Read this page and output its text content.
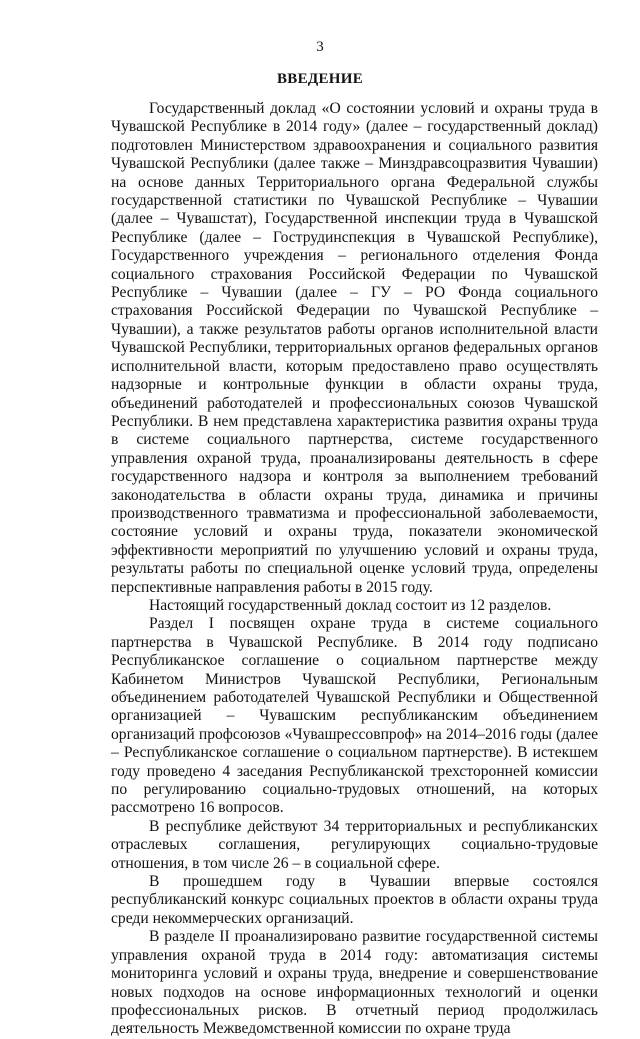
3
ВВЕДЕНИЕ

Государственный доклад «О состоянии условий и охраны труда в Чувашской Республике в 2014 году» (далее – государственный доклад) подготовлен Министерством здравоохранения и социального развития Чувашской Республики (далее также – Минздравсоцразвития Чувашии) на основе данных Территориального органа Федеральной службы государственной статистики по Чувашской Республике – Чувашии (далее – Чувашстат), Государственной инспекции труда в Чувашской Республике (далее – Гострудинспекция в Чувашской Республике), Государственного учреждения – регионального отделения Фонда социального страхования Российской Федерации по Чувашской Республике – Чувашии (далее – ГУ – РО Фонда социального страхования Российской Федерации по Чувашской Республике – Чувашии), а также результатов работы органов исполнительной власти Чувашской Республики, территориальных органов федеральных органов исполнительной власти, которым предоставлено право осуществлять надзорные и контрольные функции в области охраны труда, объединений работодателей и профессиональных союзов Чувашской Республики. В нем представлена характеристика развития охраны труда в системе социального партнерства, системе государственного управления охраной труда, проанализированы деятельность в сфере государственного надзора и контроля за выполнением требований законодательства в области охраны труда, динамика и причины производственного травматизма и профессиональной заболеваемости, состояние условий и охраны труда, показатели экономической эффективности мероприятий по улучшению условий и охраны труда, результаты работы по специальной оценке условий труда, определены перспективные направления работы в 2015 году.

Настоящий государственный доклад состоит из 12 разделов.

Раздел I посвящен охране труда в системе социального партнерства в Чувашской Республике. В 2014 году подписано Республиканское соглашение о социальном партнерстве между Кабинетом Министров Чувашской Республики, Региональным объединением работодателей Чувашской Республики и Общественной организацией – Чувашским республиканским объединением организаций профсоюзов «Чувашрессовпроф» на 2014–2016 годы (далее – Республиканское соглашение о социальном партнерстве). В истекшем году проведено 4 заседания Республиканской трехсторонней комиссии по регулированию социально-трудовых отношений, на которых рассмотрено 16 вопросов.

В республике действуют 34 территориальных и республиканских отраслевых соглашения, регулирующих социально-трудовые отношения, в том числе 26 – в социальной сфере.

В прошедшем году в Чувашии впервые состоялся республиканский конкурс социальных проектов в области охраны труда среди некоммерческих организаций.

В разделе II проанализировано развитие государственной системы управления охраной труда в 2014 году: автоматизация системы мониторинга условий и охраны труда, внедрение и совершенствование новых подходов на основе информационных технологий и оценки профессиональных рисков. В отчетный период продолжилась деятельность Межведомственной комиссии по охране труда
